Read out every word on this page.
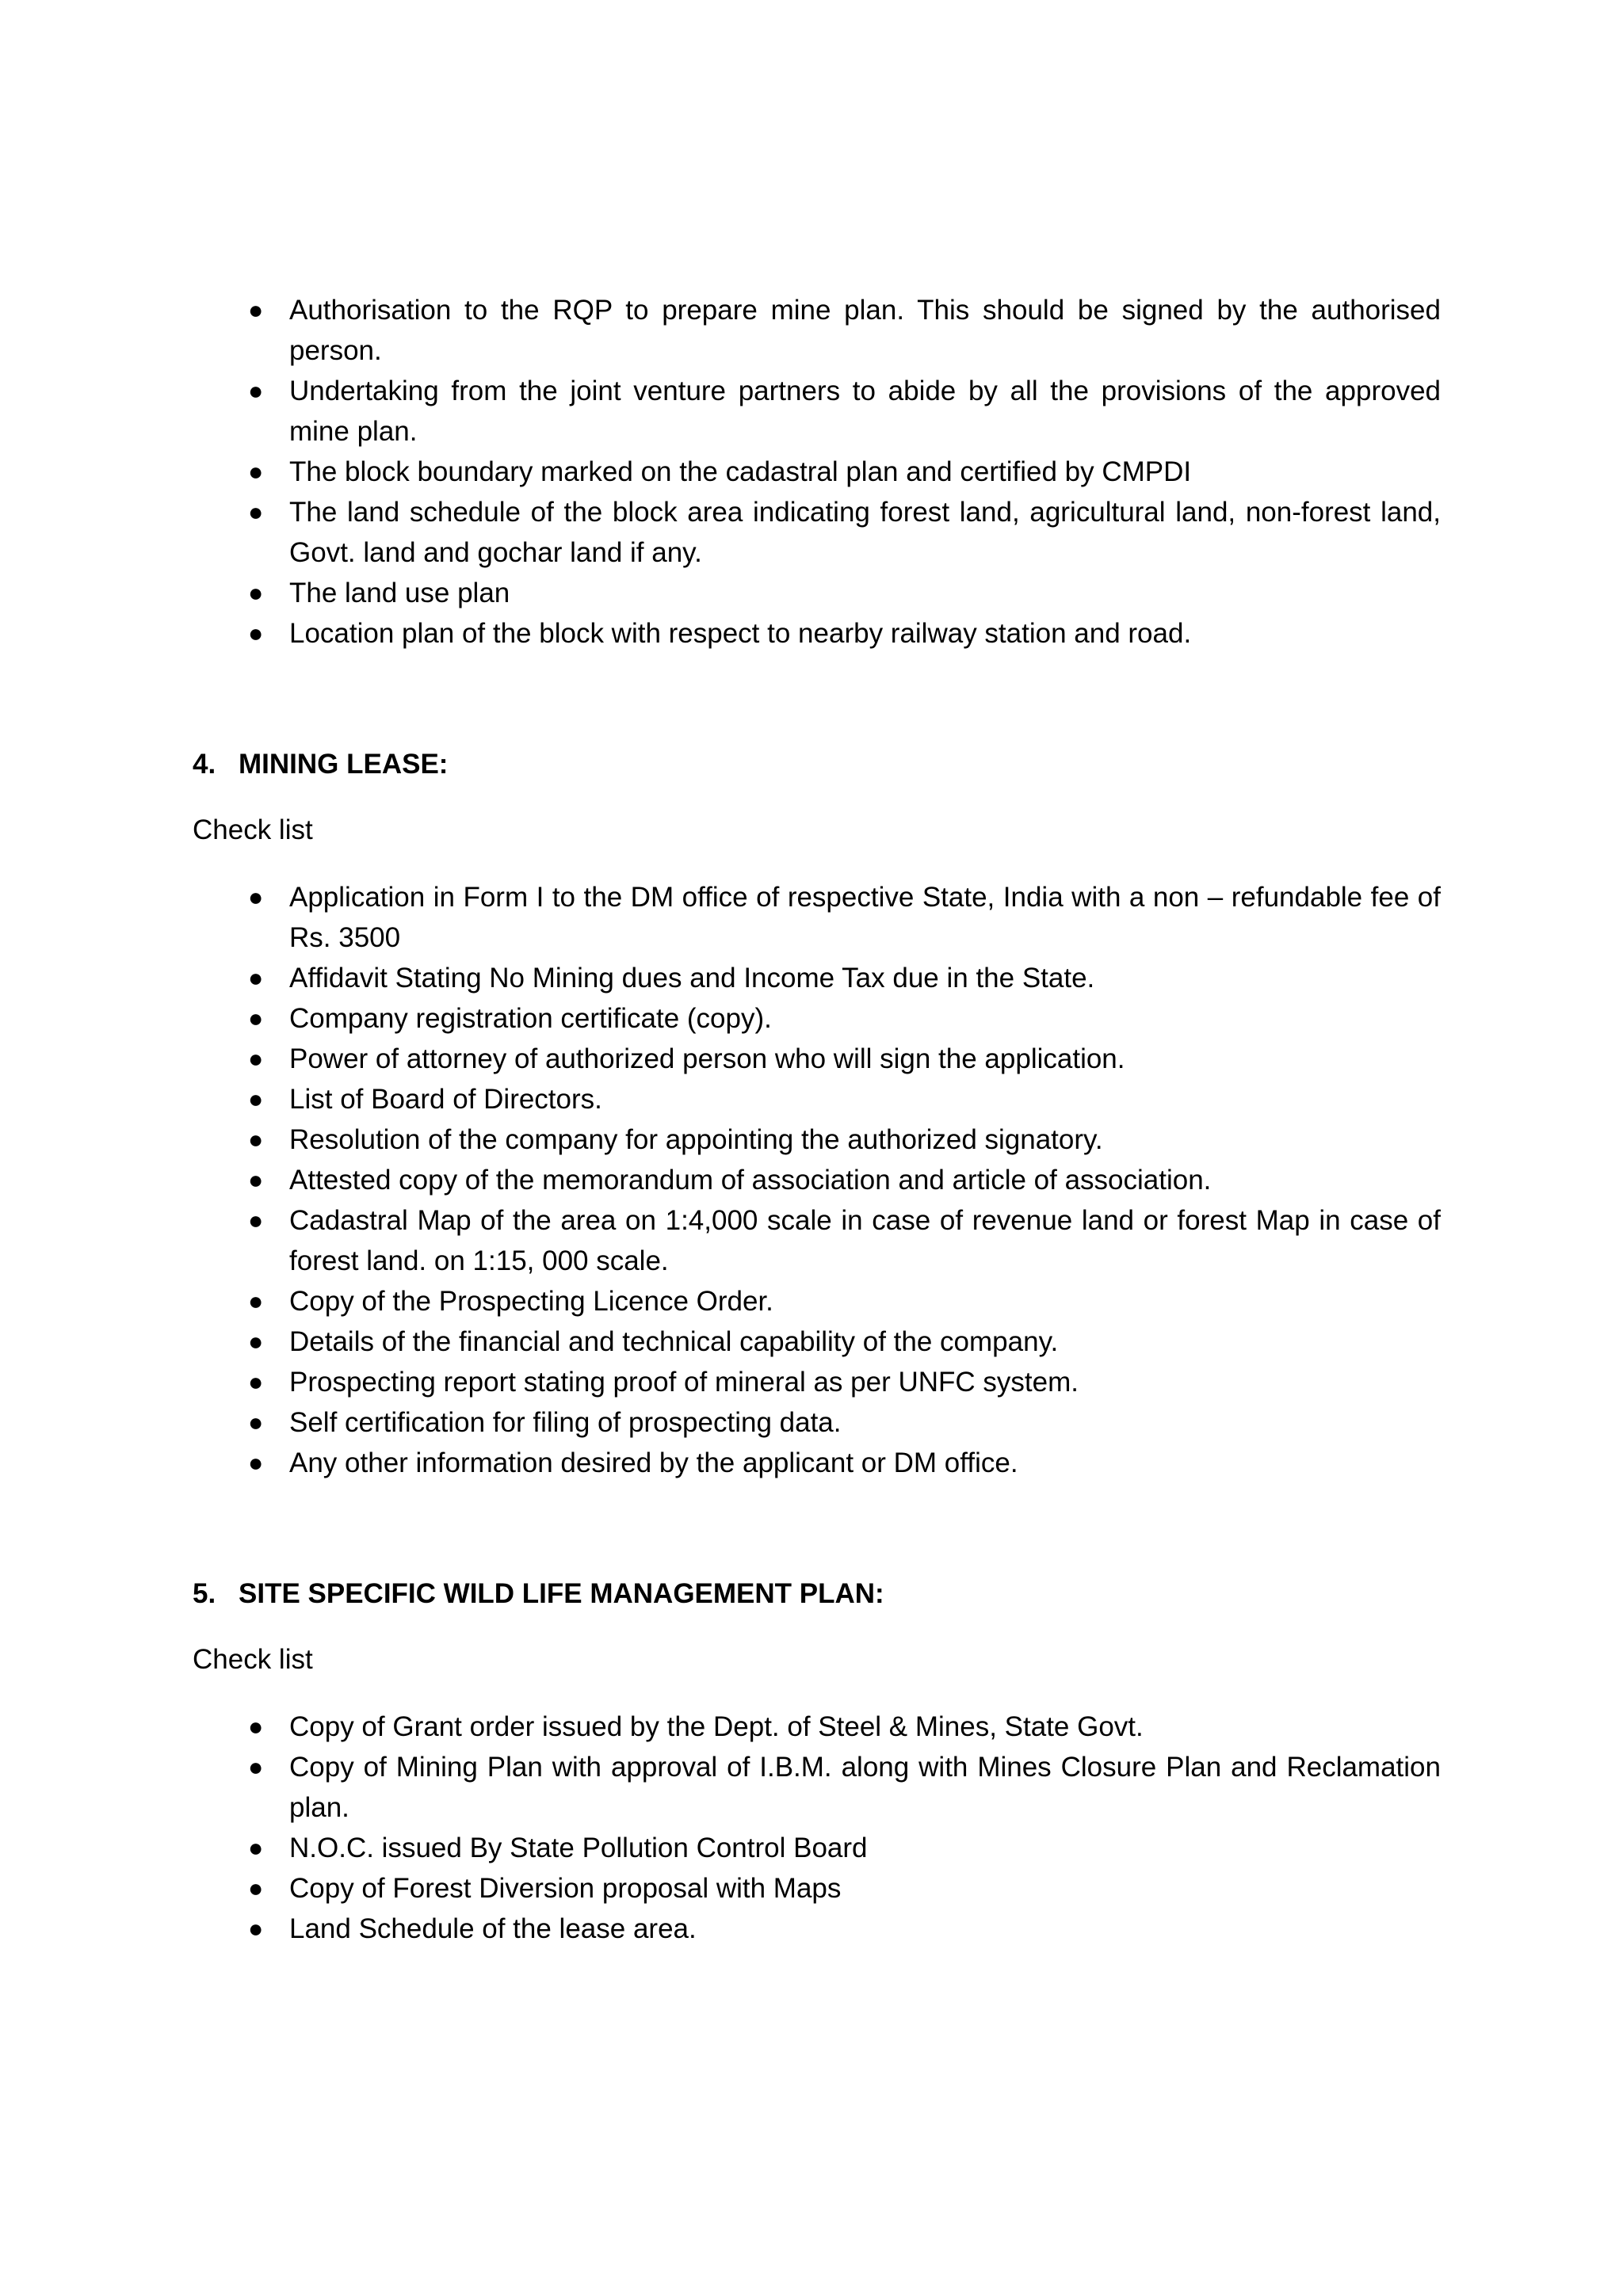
● Authorisation to the RQP to prepare mine plan. This should be signed by the authorised person.
● Undertaking from the joint venture partners to abide by all the provisions of the approved mine plan.
● The block boundary marked on the cadastral plan and certified by CMPDI
● The land schedule of the block area indicating forest land, agricultural land, non-forest land, Govt. land and gochar land if any.
● The land use plan
● Location plan of the block with respect to nearby railway station and road.
4. MINING LEASE:

Check list

● Application in Form I to the DM office of respective State, India with a non – refundable fee of Rs. 3500
● Affidavit Stating No Mining dues and Income Tax due in the State.
● Company registration certificate (copy).
● Power of attorney of authorized person who will sign the application.
● List of Board of Directors.
● Resolution of the company for appointing the authorized signatory.
● Attested copy of the memorandum of association and article of association.
● Cadastral Map of the area on 1:4,000 scale in case of revenue land or forest Map in case of forest land. on 1:15, 000 scale.
● Copy of the Prospecting Licence Order.
● Details of the financial and technical capability of the company.
● Prospecting report stating proof of mineral as per UNFC system.
● Self certification for filing of prospecting data.
● Any other information desired by the applicant or DM office.
5. SITE SPECIFIC WILD LIFE MANAGEMENT PLAN:

Check list

● Copy of Grant order issued by the Dept. of Steel & Mines, State Govt.
● Copy of Mining Plan with approval of I.B.M. along with Mines Closure Plan and Reclamation plan.
● N.O.C. issued By State Pollution Control Board
● Copy of Forest Diversion proposal with Maps
● Land Schedule of the lease area.
